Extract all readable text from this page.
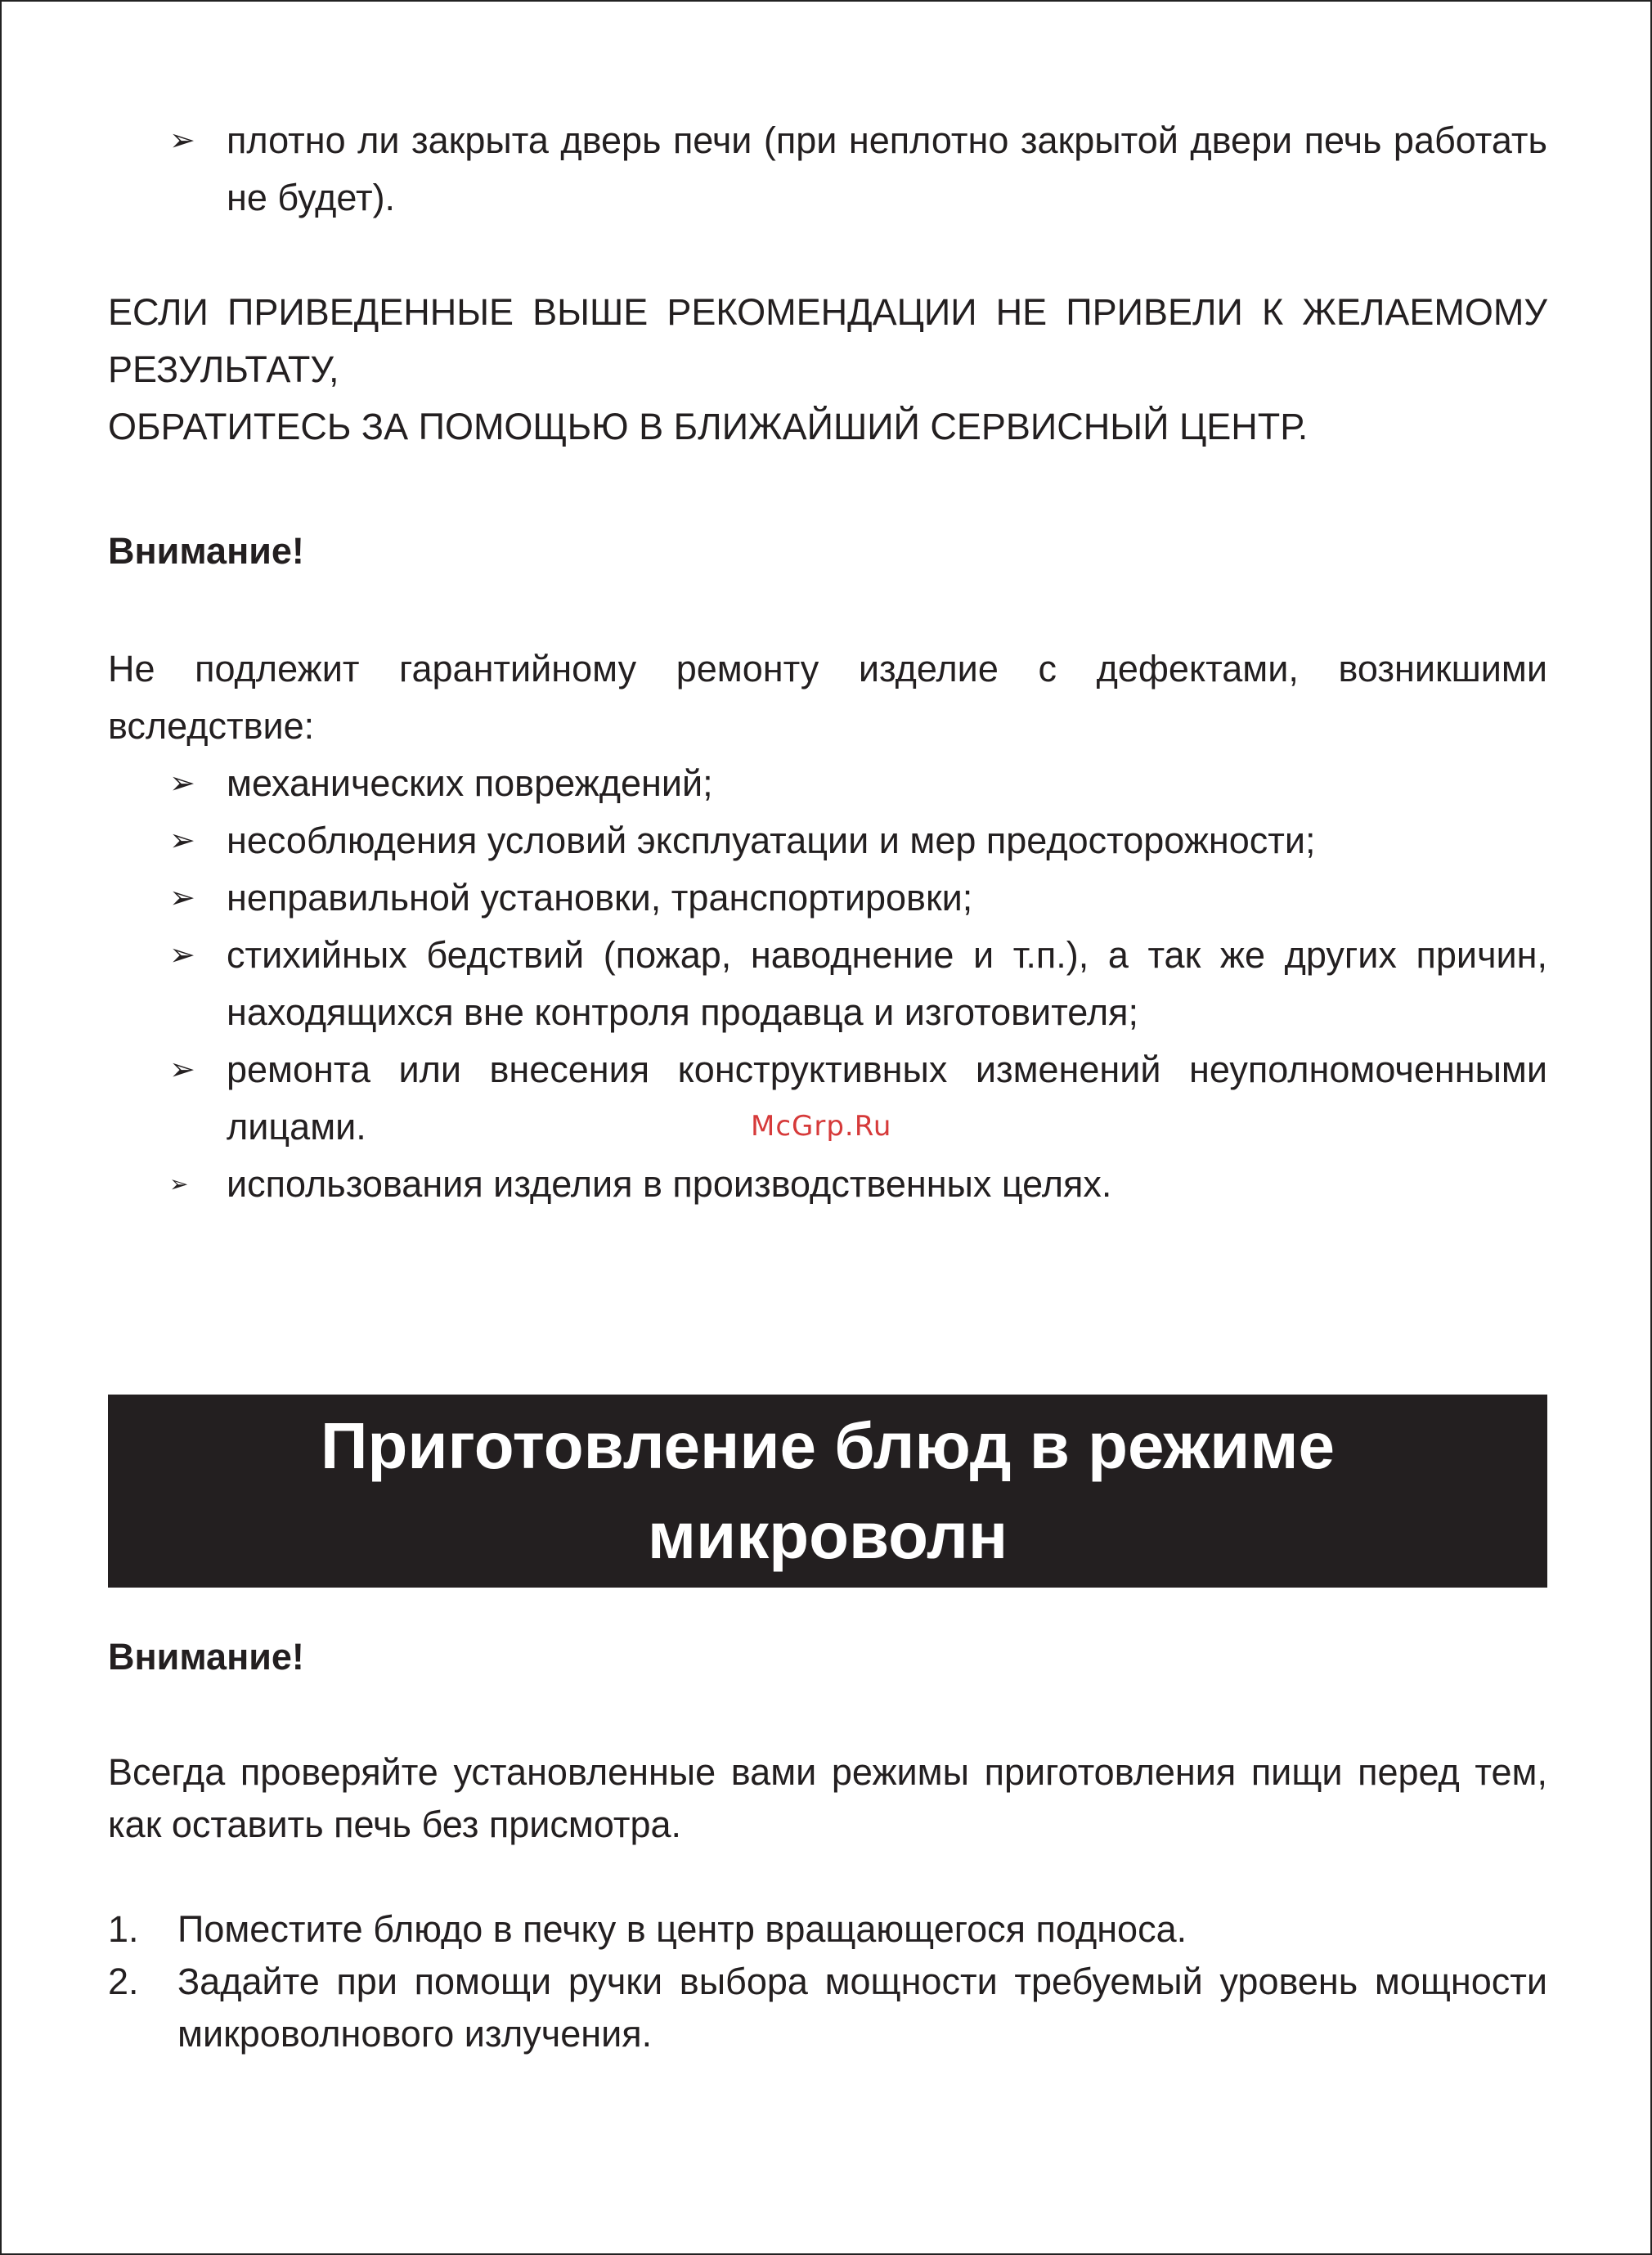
➢ плотно ли закрыта дверь печи (при неплотно закрытой двери печь работать не будет).

ЕСЛИ ПРИВЕДЕННЫЕ ВЫШЕ РЕКОМЕНДАЦИИ НЕ ПРИВЕЛИ К ЖЕЛАЕМОМУ РЕЗУЛЬТАТУ,

ОБРАТИТЕСЬ ЗА ПОМОЩЬЮ В БЛИЖАЙШИЙ СЕРВИСНЫЙ ЦЕНТР.

Внимание!

Не подлежит гарантийному ремонту изделие с дефектами, возникшими вследствие:

➢ механических повреждений;
➢ несоблюдения условий эксплуатации и мер предосторожности;
➢ неправильной установки, транспортировки;
➢ стихийных бедствий (пожар, наводнение и т.п.), а так же других причин, находящихся вне контроля продавца и изготовителя;
➢ ремонта или внесения конструктивных изменений неуполномоченными лицами.
➢ использования изделия в производственных целях.
McGrp.Ru
Приготовление блюд в режиме
микроволн

Внимание!

Всегда проверяйте установленные вами режимы приготовления пищи перед тем, как оставить печь без присмотра.

1. Поместите блюдо в печку в центр вращающегося подноса.
2. Задайте при помощи ручки выбора мощности требуемый уровень мощности микроволнового излучения.
